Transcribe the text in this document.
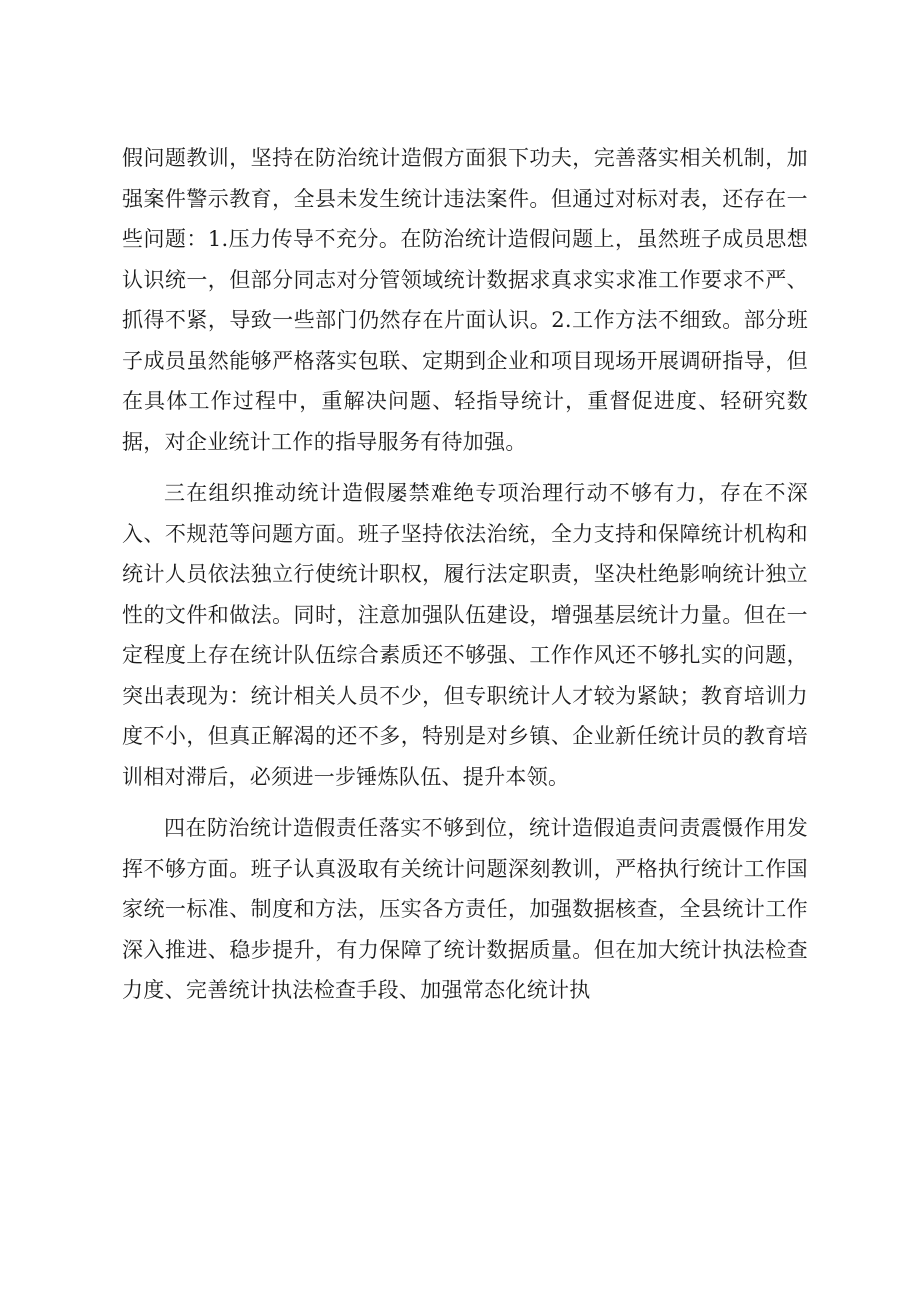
假问题教训，坚持在防治统计造假方面狠下功夫，完善落实相关机制，加强案件警示教育，全县未发生统计违法案件。但通过对标对表，还存在一些问题：1.压力传导不充分。在防治统计造假问题上，虽然班子成员思想认识统一，但部分同志对分管领域统计数据求真求实求准工作要求不严、抓得不紧，导致一些部门仍然存在片面认识。2.工作方法不细致。部分班子成员虽然能够严格落实包联、定期到企业和项目现场开展调研指导，但在具体工作过程中，重解决问题、轻指导统计，重督促进度、轻研究数据，对企业统计工作的指导服务有待加强。

三在组织推动统计造假屡禁难绝专项治理行动不够有力，存在不深入、不规范等问题方面。班子坚持依法治统，全力支持和保障统计机构和统计人员依法独立行使统计职权，履行法定职责，坚决杜绝影响统计独立性的文件和做法。同时，注意加强队伍建设，增强基层统计力量。但在一定程度上存在统计队伍综合素质还不够强、工作作风还不够扎实的问题，突出表现为：统计相关人员不少，但专职统计人才较为紧缺；教育培训力度不小，但真正解渴的还不多，特别是对乡镇、企业新任统计员的教育培训相对滞后，必须进一步锤炼队伍、提升本领。

四在防治统计造假责任落实不够到位，统计造假追责问责震慑作用发挥不够方面。班子认真汲取有关统计问题深刻教训，严格执行统计工作国家统一标准、制度和方法，压实各方责任，加强数据核查，全县统计工作深入推进、稳步提升，有力保障了统计数据质量。但在加大统计执法检查力度、完善统计执法检查手段、加强常态化统计执
